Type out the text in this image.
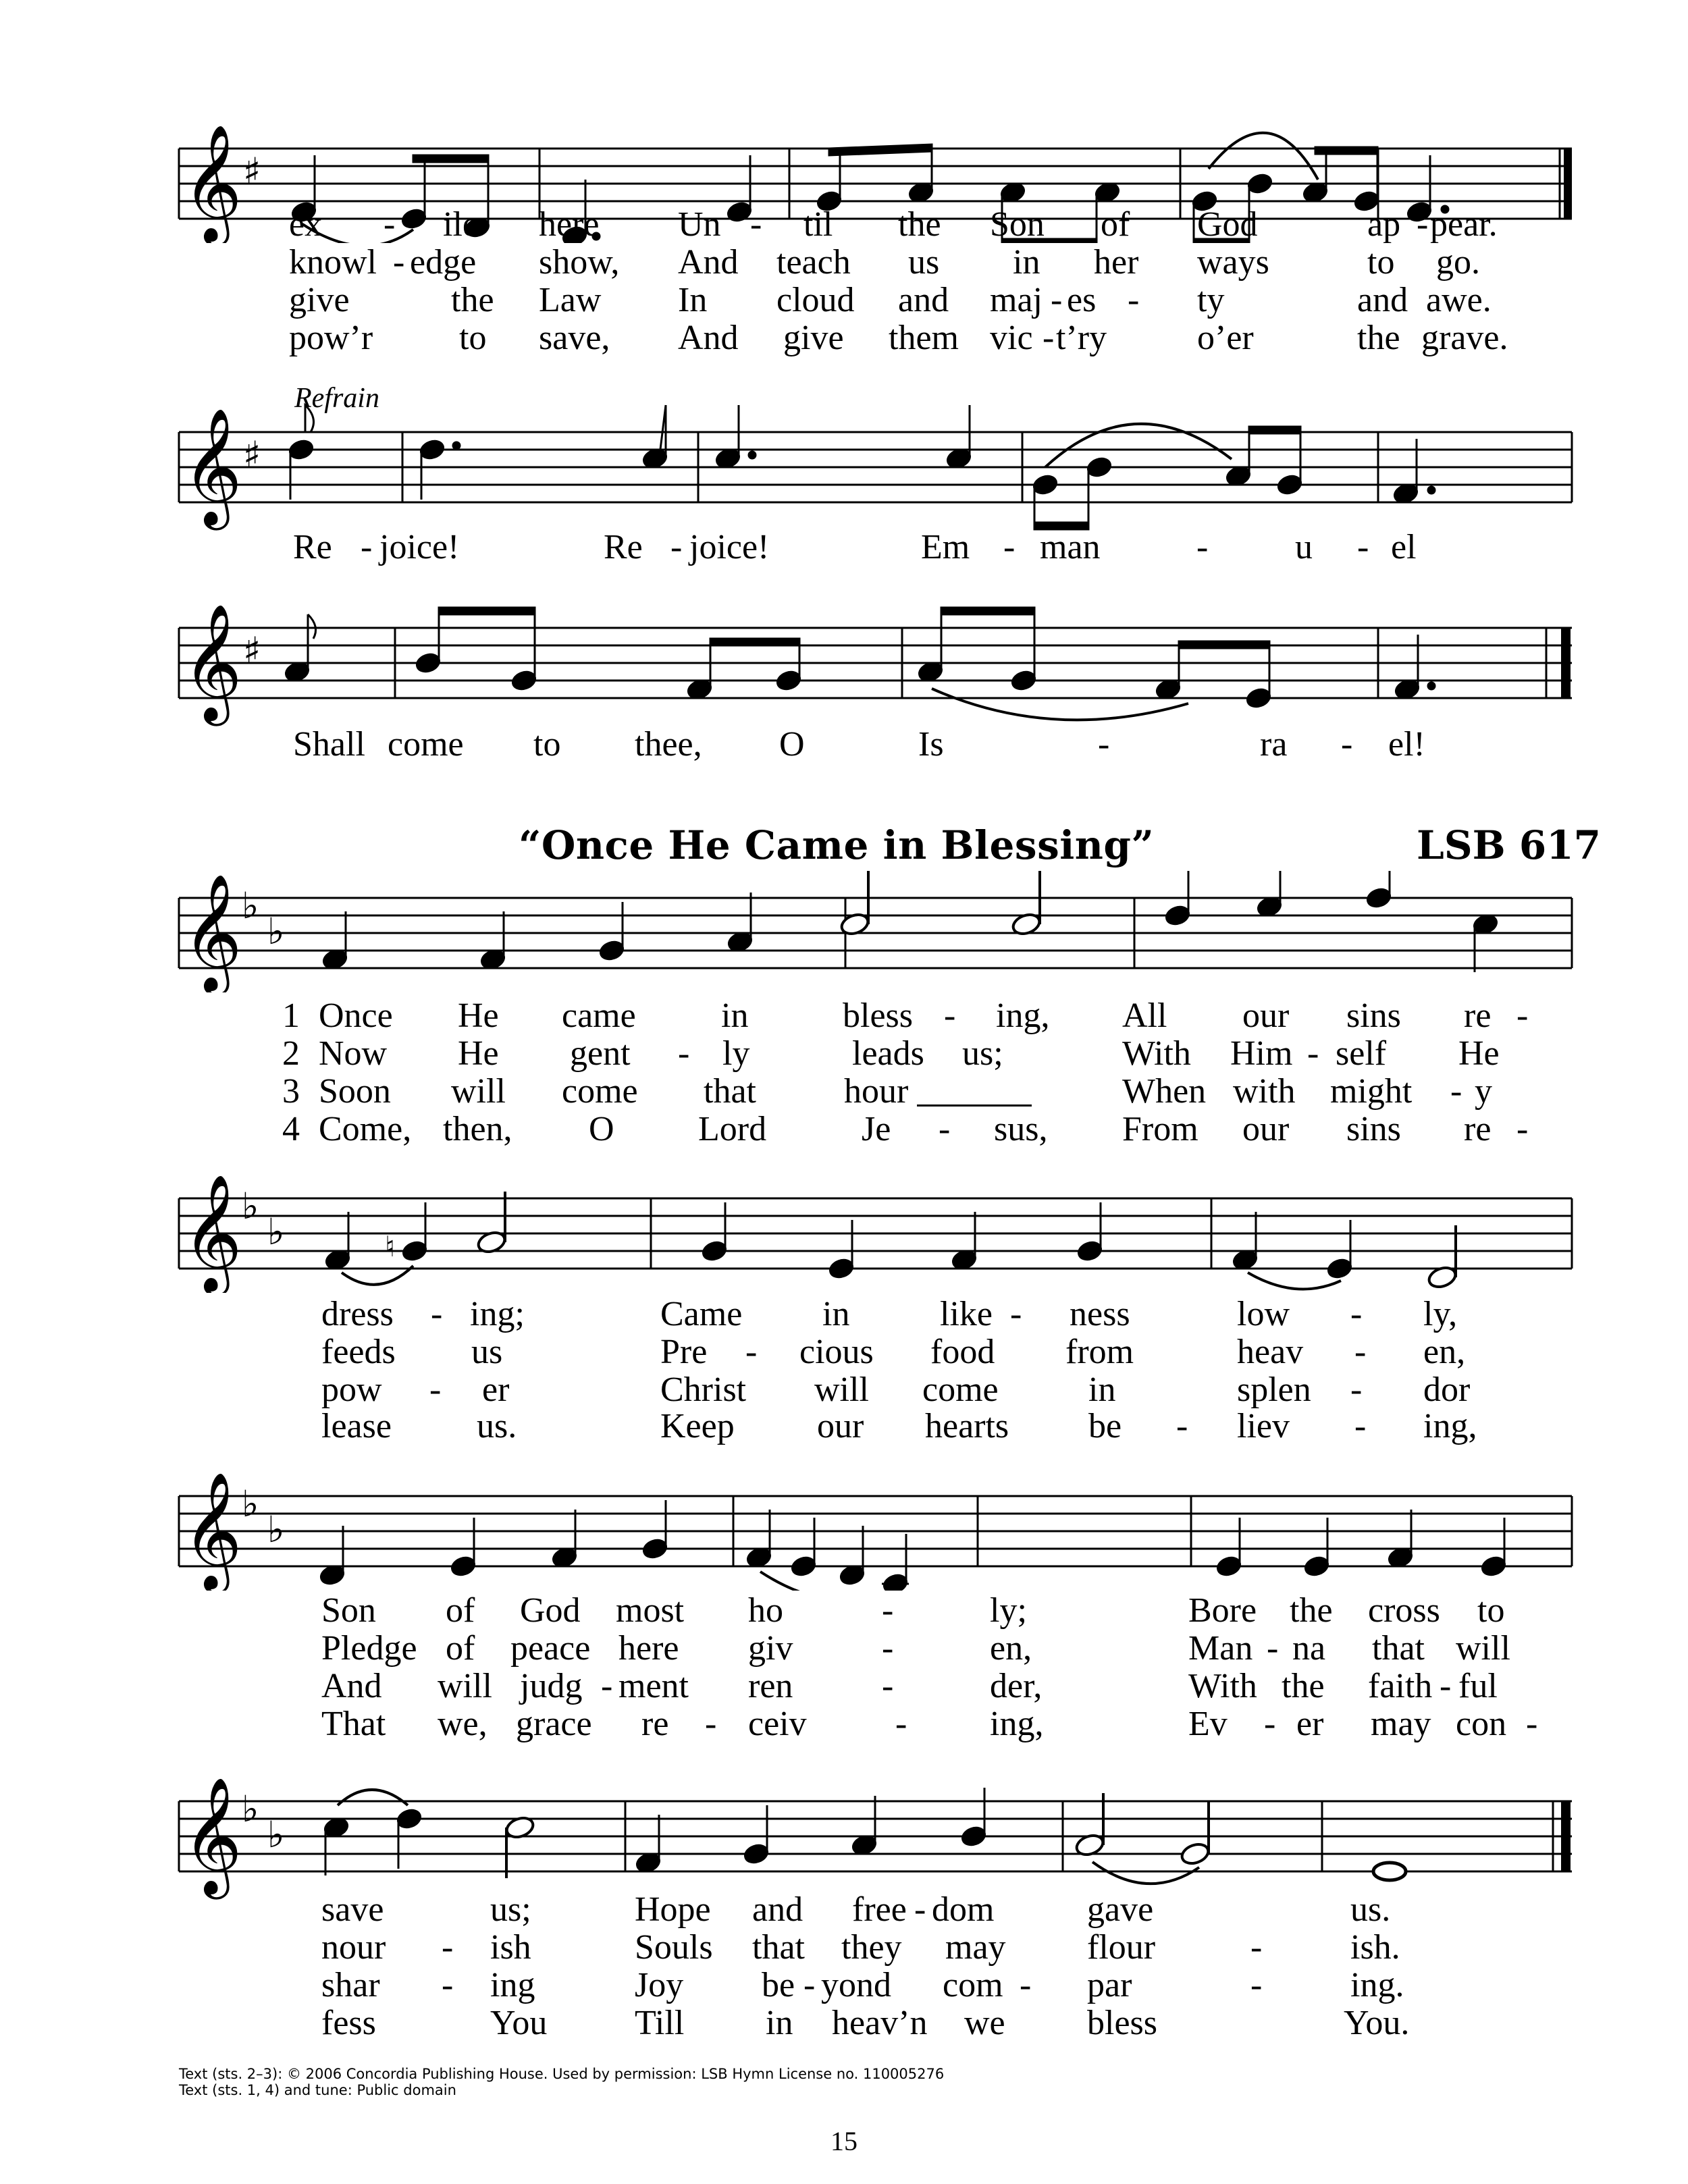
𝄞 ♯
ex - ile here Un - til the Son of God	ap - pear.
knowl - edge show, And teach us in her ways	to go.
give	the Law In cloud and maj - es - ty	and awe.
pow’r to save, And give them vic - t’ry	o’er	the grave.
Refrain
𝄞 ♯
Re - joice!	Re - joice!	Em - man	- u - el
𝄞 ♯
Shall come to thee, O	Is	-	ra - el!
“Once He Came in Blessing”	LSB 617
𝄞 ♭
♭
1 Once He came in	bless - ing, All our sins re -
2 Now He gent - ly	leads us;	With Him - self He
3 Soon will come that	hour	When with might - y
4 Come, then, O Lord	Je - sus, From our sins re -
𝄞 ♭
♭	♮
dress - ing;	Came in	like - ness	low - ly,
feeds us	Pre - cious food from	heav - en,
pow - er	Christ will come	in	splen - dor
lease us.	Keep our hearts be - liev - ing,
𝄞 ♭
♭
Son of God most ho	-	ly;	Bore the cross to
Pledge of peace here giv	-	en,	Man - na that will
And will judg - ment ren	-	der,	With the faith - ful
That we, grace re - ceiv	- ing,	Ev - er may con -
𝄞 ♭
♭
save	us;	Hope and free - dom	gave	us.
nour - ish	Souls that they may flour	-	ish.
shar - ing	Joy be - yond com - par	-	ing.
fess	You Till in heav’n we bless	You.
Text (sts. 2–3): © 2006 Concordia Publishing House. Used by permission: LSB Hymn License no. 110005276
Text (sts. 1, 4) and tune: Public domain
15
